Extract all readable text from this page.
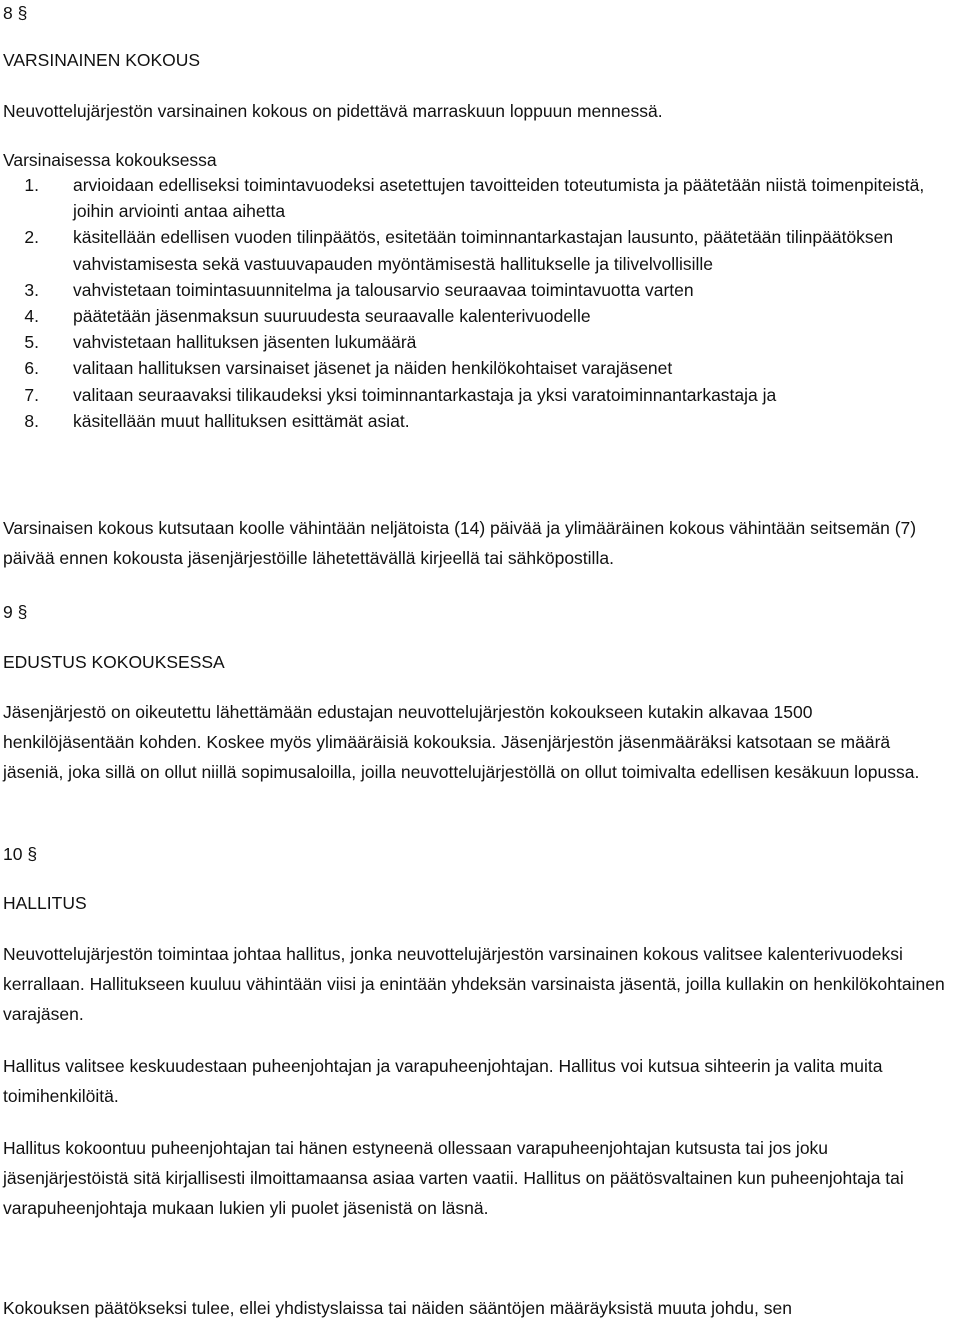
8 §

VARSINAINEN KOKOUS

Neuvottelujärjestön varsinainen kokous on pidettävä marraskuun loppuun mennessä.

Varsinaisessa kokouksessa

1.	arvioidaan edelliseksi toimintavuodeksi asetettujen tavoitteiden toteutumista ja päätetään niistä toimenpiteistä, joihin arviointi antaa aihetta
2.	käsitellään edellisen vuoden tilinpäätös, esitetään toiminnantarkastajan lausunto, päätetään tilinpäätöksen vahvistamisesta sekä vastuuvapauden myöntämisestä hallitukselle ja tilivelvollisille
3.	vahvistetaan toimintasuunnitelma ja talousarvio seuraavaa toimintavuotta varten
4.	päätetään jäsenmaksun suuruudesta seuraavalle kalenterivuodelle
5.	vahvistetaan hallituksen jäsenten lukumäärä
6.	valitaan hallituksen varsinaiset jäsenet ja näiden henkilökohtaiset varajäsenet
7.	valitaan seuraavaksi tilikaudeksi yksi toiminnantarkastaja ja yksi varatoiminnantarkastaja ja
8.	käsitellään muut hallituksen esittämät asiat.

Varsinaisen kokous kutsutaan koolle vähintään neljätoista (14) päivää ja ylimääräinen kokous vähintään seitsemän (7) päivää ennen kokousta jäsenjärjestöille lähetettävällä kirjeellä tai sähköpostilla.

9 §

EDUSTUS KOKOUKSESSA

Jäsenjärjestö on oikeutettu lähettämään edustajan neuvottelujärjestön kokoukseen kutakin alkavaa 1500 henkilöjäsentään kohden. Koskee myös ylimääräisiä kokouksia. Jäsenjärjestön jäsenmääräksi katsotaan se määrä jäseniä, joka sillä on ollut niillä sopimusaloilla, joilla neuvottelujärjestöllä on ollut toimivalta edellisen kesäkuun lopussa.

10 §

HALLITUS

Neuvottelujärjestön toimintaa johtaa hallitus, jonka neuvottelujärjestön varsinainen kokous valitsee kalenterivuodeksi kerrallaan. Hallitukseen kuuluu vähintään viisi ja enintään yhdeksän varsinaista jäsentä, joilla kullakin on henkilökohtainen varajäsen.

Hallitus valitsee keskuudestaan puheenjohtajan ja varapuheenjohtajan. Hallitus voi kutsua sihteerin ja valita muita toimihenkilöitä.

Hallitus kokoontuu puheenjohtajan tai hänen estyneenä ollessaan varapuheenjohtajan kutsusta tai jos joku jäsenjärjestöistä sitä kirjallisesti ilmoittamaansa asiaa varten vaatii. Hallitus on päätösvaltainen kun puheenjohtaja tai varapuheenjohtaja mukaan lukien yli puolet jäsenistä on läsnä.

Kokouksen päätökseksi tulee, ellei yhdistyslaissa tai näiden sääntöjen määräyksistä muuta johdu, sen
